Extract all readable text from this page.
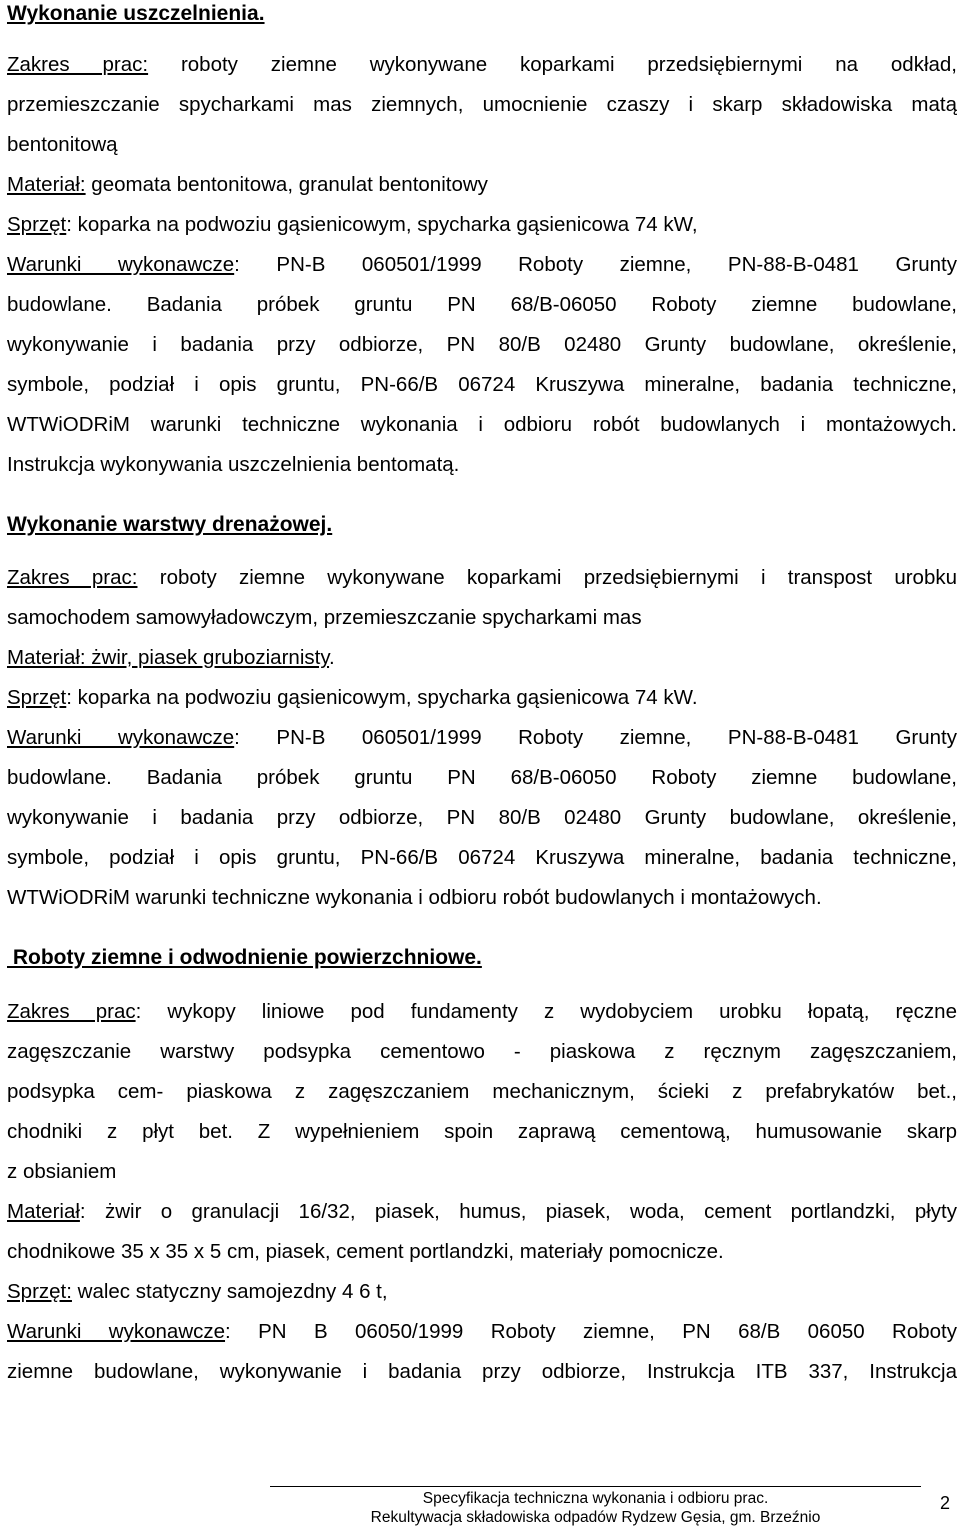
Wykonanie uszczelnienia.
Zakres prac: roboty ziemne wykonywane koparkami przedsiębiernymi na odkład,
przemieszczanie spycharkami mas ziemnych, umocnienie czaszy i skarp składowiska matą
bentonitową
Materiał: geomata bentonitowa, granulat bentonitowy
Sprzęt: koparka na podwoziu gąsienicowym, spycharka gąsienicowa 74 kW,
Warunki wykonawcze: PN-B 060501/1999 Roboty ziemne, PN-88-B-0481 Grunty
budowlane. Badania próbek gruntu PN 68/B-06050 Roboty ziemne budowlane,
wykonywanie i badania przy odbiorze, PN 80/B 02480 Grunty budowlane, określenie,
symbole, podział i opis gruntu, PN-66/B 06724 Kruszywa mineralne, badania techniczne,
WTWiODRiM warunki techniczne wykonania i odbioru robót budowlanych i montażowych.
Instrukcja wykonywania uszczelnienia bentomatą.
Wykonanie warstwy drenażowej.
Zakres prac: roboty ziemne wykonywane koparkami przedsiębiernymi i transpost urobku
samochodem samowyładowczym, przemieszczanie spycharkami mas
Materiał: żwir, piasek gruboziarnisty.
Sprzęt: koparka na podwoziu gąsienicowym, spycharka gąsienicowa 74 kW.
Warunki wykonawcze: PN-B 060501/1999 Roboty ziemne, PN-88-B-0481 Grunty
budowlane. Badania próbek gruntu PN 68/B-06050 Roboty ziemne budowlane,
wykonywanie i badania przy odbiorze, PN 80/B 02480 Grunty budowlane, określenie,
symbole, podział i opis gruntu, PN-66/B 06724 Kruszywa mineralne, badania techniczne,
WTWiODRiM warunki techniczne wykonania i odbioru robót budowlanych i montażowych.
Roboty ziemne i odwodnienie powierzchniowe.
Zakres prac: wykopy liniowe pod fundamenty z wydobyciem urobku łopatą, ręczne
zagęszczanie warstwy podsypka cementowo - piaskowa z ręcznym zagęszczaniem,
podsypka cem- piaskowa z zagęszczaniem mechanicznym, ścieki z prefabrykatów bet.,
chodniki z płyt bet. Z wypełnieniem spoin zaprawą cementową, humusowanie skarp
z obsianiem
Materiał: żwir o granulacji 16/32, piasek, humus, piasek, woda, cement portlandzki, płyty
chodnikowe 35 x 35 x 5 cm, piasek, cement portlandzki, materiały pomocnicze.
Sprzęt: walec statyczny samojezdny 4 6 t,
Warunki wykonawcze: PN B 06050/1999 Roboty ziemne, PN 68/B 06050 Roboty
ziemne budowlane, wykonywanie i badania przy odbiorze, Instrukcja ITB 337, Instrukcja
Specyfikacja techniczna wykonania i odbioru prac.
Rekultywacja składowiska odpadów Rydzew Gęsia, gm. Brzeźnio
2
